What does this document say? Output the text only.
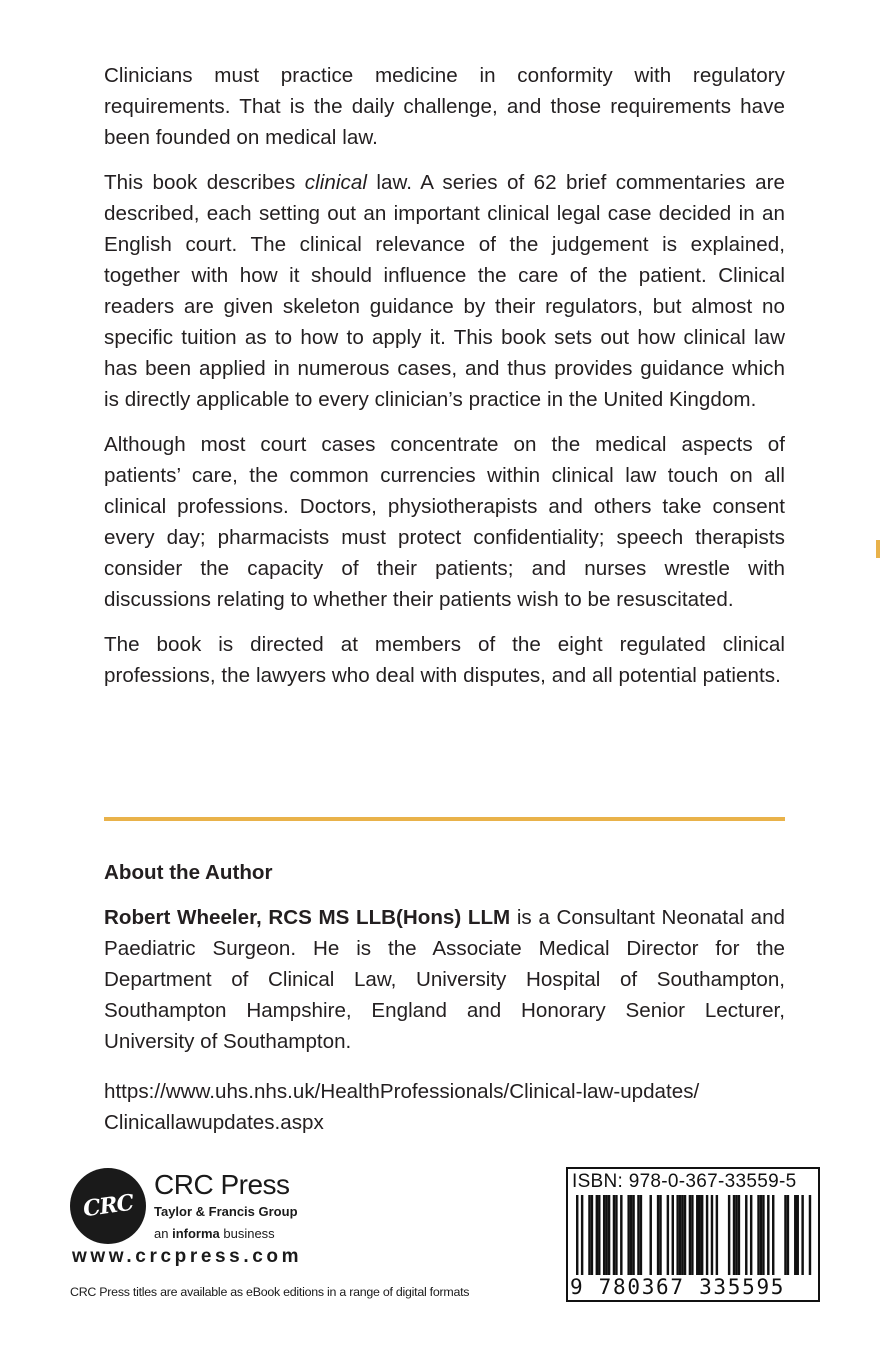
Clinicians must practice medicine in conformity with regulatory requirements. That is the daily challenge, and those requirements have been founded on medical law.

This book describes clinical law. A series of 62 brief commentaries are described, each setting out an important clinical legal case decided in an English court. The clinical relevance of the judgement is explained, together with how it should influence the care of the patient. Clinical readers are given skeleton guidance by their regulators, but almost no specific tuition as to how to apply it. This book sets out how clinical law has been applied in numerous cases, and thus provides guidance which is directly applicable to every clinician’s practice in the United Kingdom.

Although most court cases concentrate on the medical aspects of patients’ care, the common currencies within clinical law touch on all clinical professions. Doctors, physiotherapists and others take consent every day; pharmacists must protect confidentiality; speech therapists consider the capacity of their patients; and nurses wrestle with discussions relating to whether their patients wish to be resuscitated.

The book is directed at members of the eight regulated clinical professions, the lawyers who deal with disputes, and all potential patients.

About the Author

Robert Wheeler, RCS MS LLB(Hons) LLM is a Consultant Neonatal and Paediatric Surgeon. He is the Associate Medical Director for the Department of Clinical Law, University Hospital of Southampton, Southampton Hampshire, England and Honorary Senior Lecturer, University of Southampton.

https://www.uhs.nhs.uk/HealthProfessionals/Clinical-law-updates/
Clinicallawupdates.aspx

CRC
CRC Press
Taylor & Francis Group
an informa business
www.crcpress.com
CRC Press titles are available as eBook editions in a range of digital formats
ISBN: 978-0-367-33559-5
9 780367 335595
